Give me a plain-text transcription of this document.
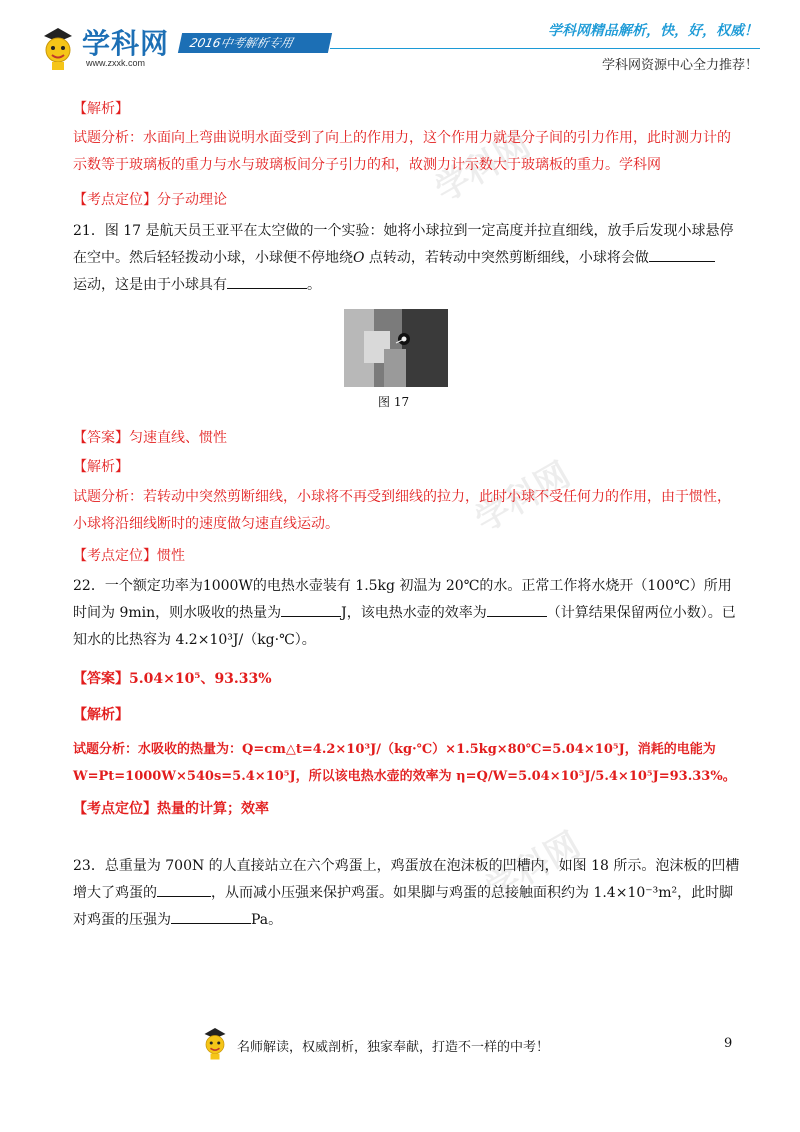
学科网
学科网
学科网
学科网
www.zxxk.com
2016中考解析专用
学科网精品解析，快，好，权威！
学科网资源中心全力推荐！

【解析】

试题分析：水面向上弯曲说明水面受到了向上的作用力，这个作用力就是分子间的引力作用，此时测力计的示数等于玻璃板的重力与水与玻璃板间分子引力的和，故测力计示数大于玻璃板的重力。学科网

【考点定位】分子动理论

21．图 17 是航天员王亚平在太空做的一个实验：她将小球拉到一定高度并拉直细线，放手后发现小球悬停在空中。然后轻轻拨动小球，小球便不停地绕O 点转动，若转动中突然剪断细线，小球将会做
运动，这是由于小球具有	。

图 17

【答案】匀速直线、惯性

【解析】

试题分析：若转动中突然剪断细线，小球将不再受到细线的拉力，此时小球不受任何力的作用，由于惯性，小球将沿细线断时的速度做匀速直线运动。

【考点定位】惯性

22．一个额定功率为1000W的电热水壶装有 1.5kg 初温为 20℃的水。正常工作将水烧开（100℃）所用时间为 9min，则水吸收的热量为	J，该电热水壶的效率为	（计算结果保留两位小数）。已知水的比热容为 4.2×10³J/（kg·℃）。

【答案】5.04×10⁵、93.33%

【解析】

试题分析：水吸收的热量为：Q=cm△t=4.2×10³J/（kg·℃）×1.5kg×80℃=5.04×10⁵J，消耗的电能为

W=Pt=1000W×540s=5.4×10⁵J，所以该电热水壶的效率为 η=Q/W=5.04×10⁵J/5.4×10⁵J=93.33%。

【考点定位】热量的计算；效率

23．总重量为 700N 的人直接站立在六个鸡蛋上，鸡蛋放在泡沫板的凹槽内，如图 18 所示。泡沫板的凹槽增大了鸡蛋的	，从而减小压强来保护鸡蛋。如果脚与鸡蛋的总接触面积约为 1.4×10⁻³m²，此时脚对鸡蛋的压强为	Pa。

名师解读，权威剖析，独家奉献，打造不一样的中考！	9
